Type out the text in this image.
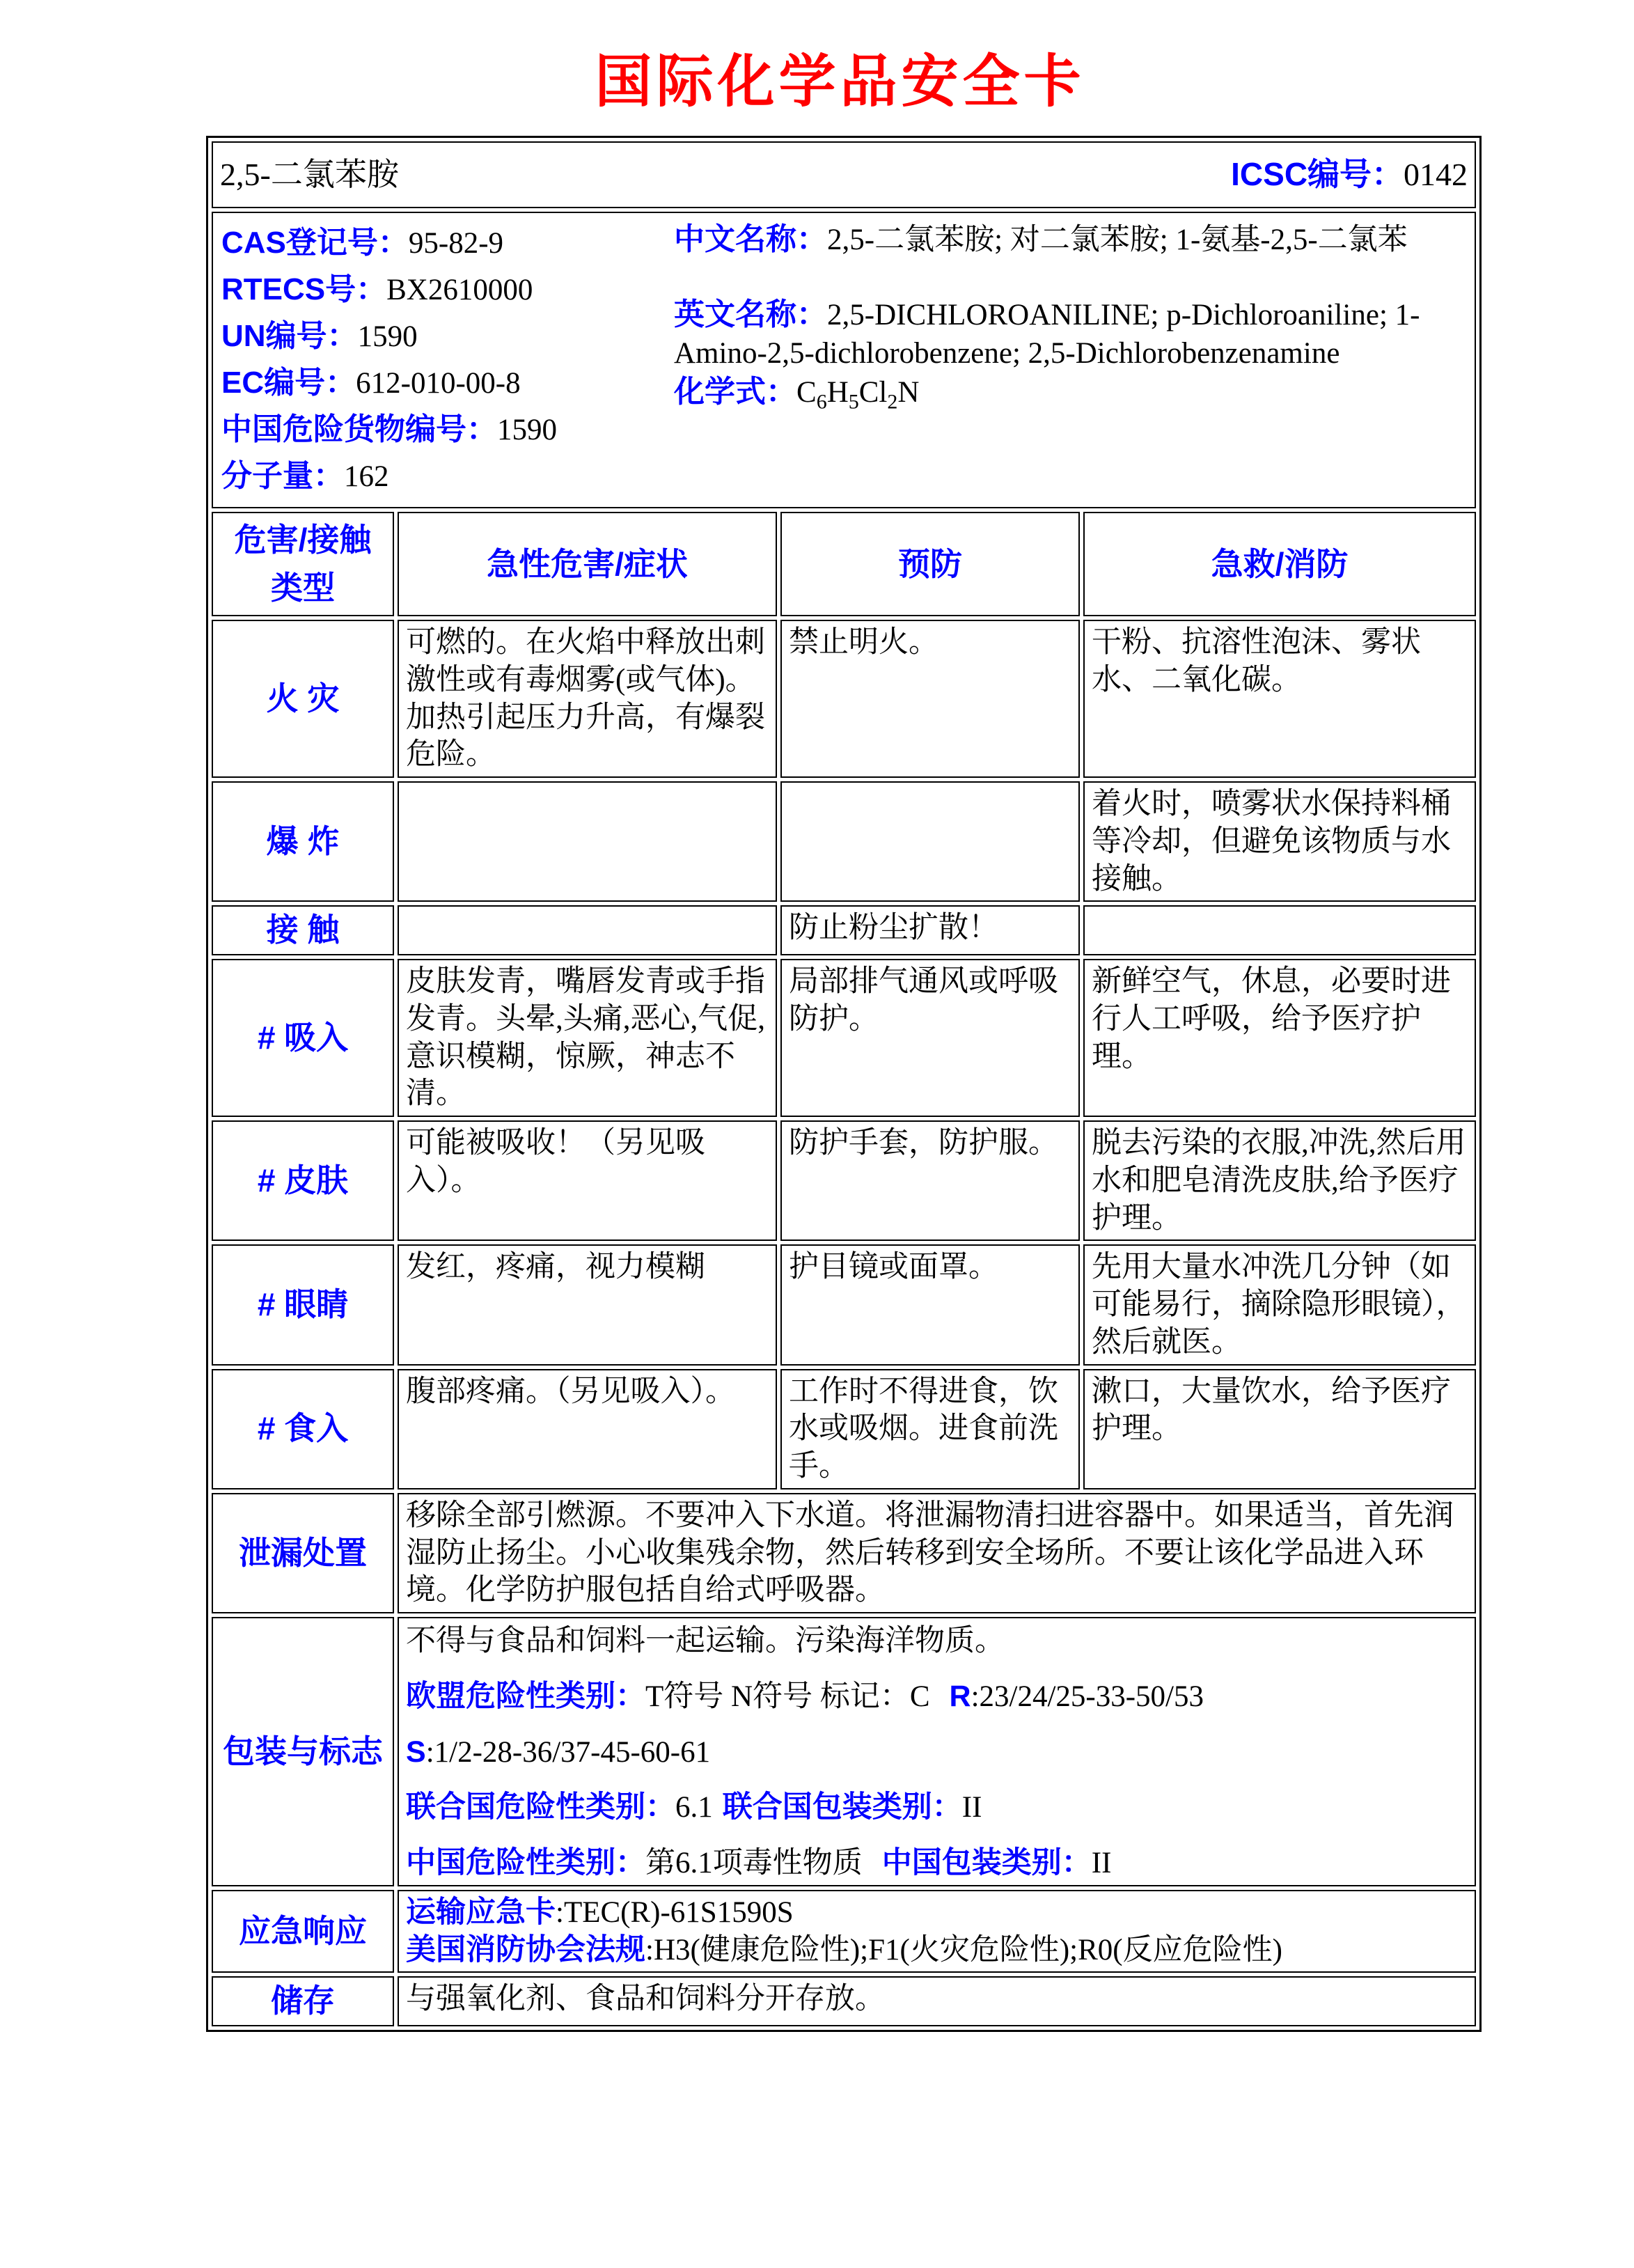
国际化学品安全卡
2,5-二氯苯胺 ICSC编号：0142			

CAS登记号：95-82-9
RTECS号：BX2610000
UN编号：1590
EC编号：612-010-00-8
中国危险货物编号：1590
分子量：162

中文名称：2,5-二氯苯胺; 对二氯苯胺; 1-氨基-2,5-二氯苯

英文名称：2,5-DICHLOROANILINE; p-Dichloroaniline; 1-Amino-2,5-dichlorobenzene; 2,5-Dichlorobenzenamine

化学式：$C_6H_5Cl_2N$

危害/接触类型	急性危害/症状	预防	急救/消防
火 灾	可燃的。在火焰中释放出刺激性或有毒烟雾(或气体)。加热引起压力升高，有爆裂危险。	禁止明火。	干粉、抗溶性泡沫、雾状水、二氧化碳。
爆 炸			着火时，喷雾状水保持料桶等冷却，但避免该物质与水接触。
接 触		防止粉尘扩散！	
# 吸入	皮肤发青，嘴唇发青或手指发青。头晕,头痛,恶心,气促,意识模糊，惊厥，神志不清。	局部排气通风或呼吸防护。	新鲜空气，休息，必要时进行人工呼吸，给予医疗护理。
# 皮肤	可能被吸收！（另见吸入）。	防护手套，防护服。	脱去污染的衣服,冲洗,然后用水和肥皂清洗皮肤,给予医疗护理。
# 眼睛	发红，疼痛，视力模糊	护目镜或面罩。	先用大量水冲洗几分钟（如可能易行，摘除隐形眼镜），然后就医。
# 食入	腹部疼痛。（另见吸入）。	工作时不得进食，饮水或吸烟。进食前洗手。	漱口，大量饮水，给予医疗护理。
泄漏处置	移除全部引燃源。不要冲入下水道。将泄漏物清扫进容器中。如果适当，首先润湿防止扬尘。小心收集残余物，然后转移到安全场所。不要让该化学品进入环境。化学防护服包括自给式呼吸器。		
包装与标志	不得与食品和饲料一起运输。污染海洋物质。

欧盟危险性类别：T符号 N符号 标记：C R:23/24/25-33-50/53

S:1/2-28-36/37-45-60-61

联合国危险性类别：6.1 联合国包装类别：II

中国危险性类别：第6.1项毒性物质 中国包装类别：II		

应急响应	运输应急卡:TEC(R)-61S1590S

美国消防协会法规:H3(健康危险性);F1(火灾危险性);R0(反应危险性)		

储存	与强氧化剂、食品和饲料分开存放。		
